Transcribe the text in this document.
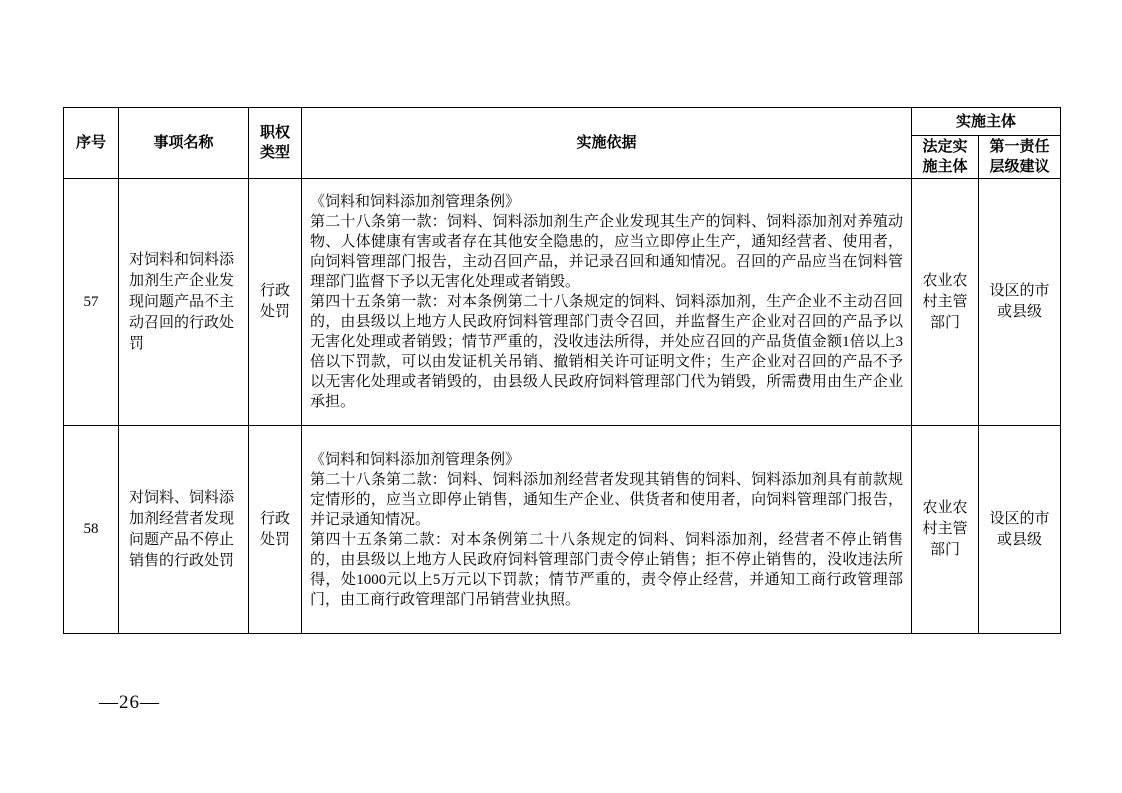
序号	事项名称	职权类型	实施依据	实施主体	
				法定实施主体	第一责任层级建议
57	对饲料和饲料添加剂生产企业发现问题产品不主动召回的行政处罚	行政处罚	《饲料和饲料添加剂管理条例》

第二十八条第一款：饲料、饲料添加剂生产企业发现其生产的饲料、饲料添加剂对养殖动物、人体健康有害或者存在其他安全隐患的，应当立即停止生产，通知经营者、使用者，向饲料管理部门报告，主动召回产品，并记录召回和通知情况。召回的产品应当在饲料管理部门监督下予以无害化处理或者销毁。

第四十五条第一款：对本条例第二十八条规定的饲料、饲料添加剂，生产企业不主动召回的，由县级以上地方人民政府饲料管理部门责令召回，并监督生产企业对召回的产品予以无害化处理或者销毁；情节严重的，没收违法所得，并处应召回的产品货值金额1倍以上3倍以下罚款，可以由发证机关吊销、撤销相关许可证明文件；生产企业对召回的产品不予以无害化处理或者销毁的，由县级人民政府饲料管理部门代为销毁，所需费用由生产企业承担。	农业农村主管部门	设区的市或县级
58	对饲料、饲料添加剂经营者发现问题产品不停止销售的行政处罚	行政处罚	《饲料和饲料添加剂管理条例》

第二十八条第二款：饲料、饲料添加剂经营者发现其销售的饲料、饲料添加剂具有前款规定情形的，应当立即停止销售，通知生产企业、供货者和使用者，向饲料管理部门报告，并记录通知情况。

第四十五条第二款：对本条例第二十八条规定的饲料、饲料添加剂，经营者不停止销售的，由县级以上地方人民政府饲料管理部门责令停止销售；拒不停止销售的，没收违法所得，处1000元以上5万元以下罚款；情节严重的，责令停止经营，并通知工商行政管理部门，由工商行政管理部门吊销营业执照。	农业农村主管部门	设区的市或县级
—26—
